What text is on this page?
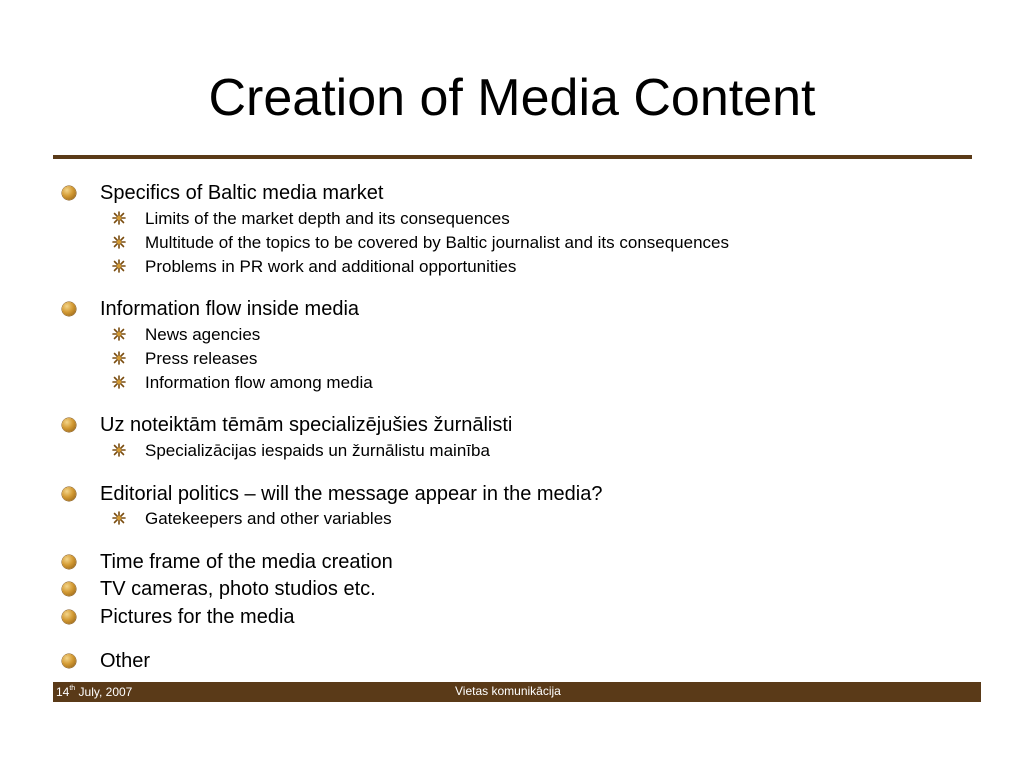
Creation of Media Content
Specifics of Baltic media market
Limits of the market depth and its consequences
Multitude of the topics to be covered by Baltic journalist and its consequences
Problems in PR work and additional opportunities
Information flow inside media
News agencies
Press releases
Information flow among media
Uz noteiktām tēmām specializējušies žurnālisti
Specializācijas iespaids un žurnālistu mainība
Editorial politics – will the message appear in the media?
Gatekeepers and other variables
Time frame of the media creation
TV cameras, photo studios etc.
Pictures for the media
Other
14th July, 2007	Vietas komunikācija
